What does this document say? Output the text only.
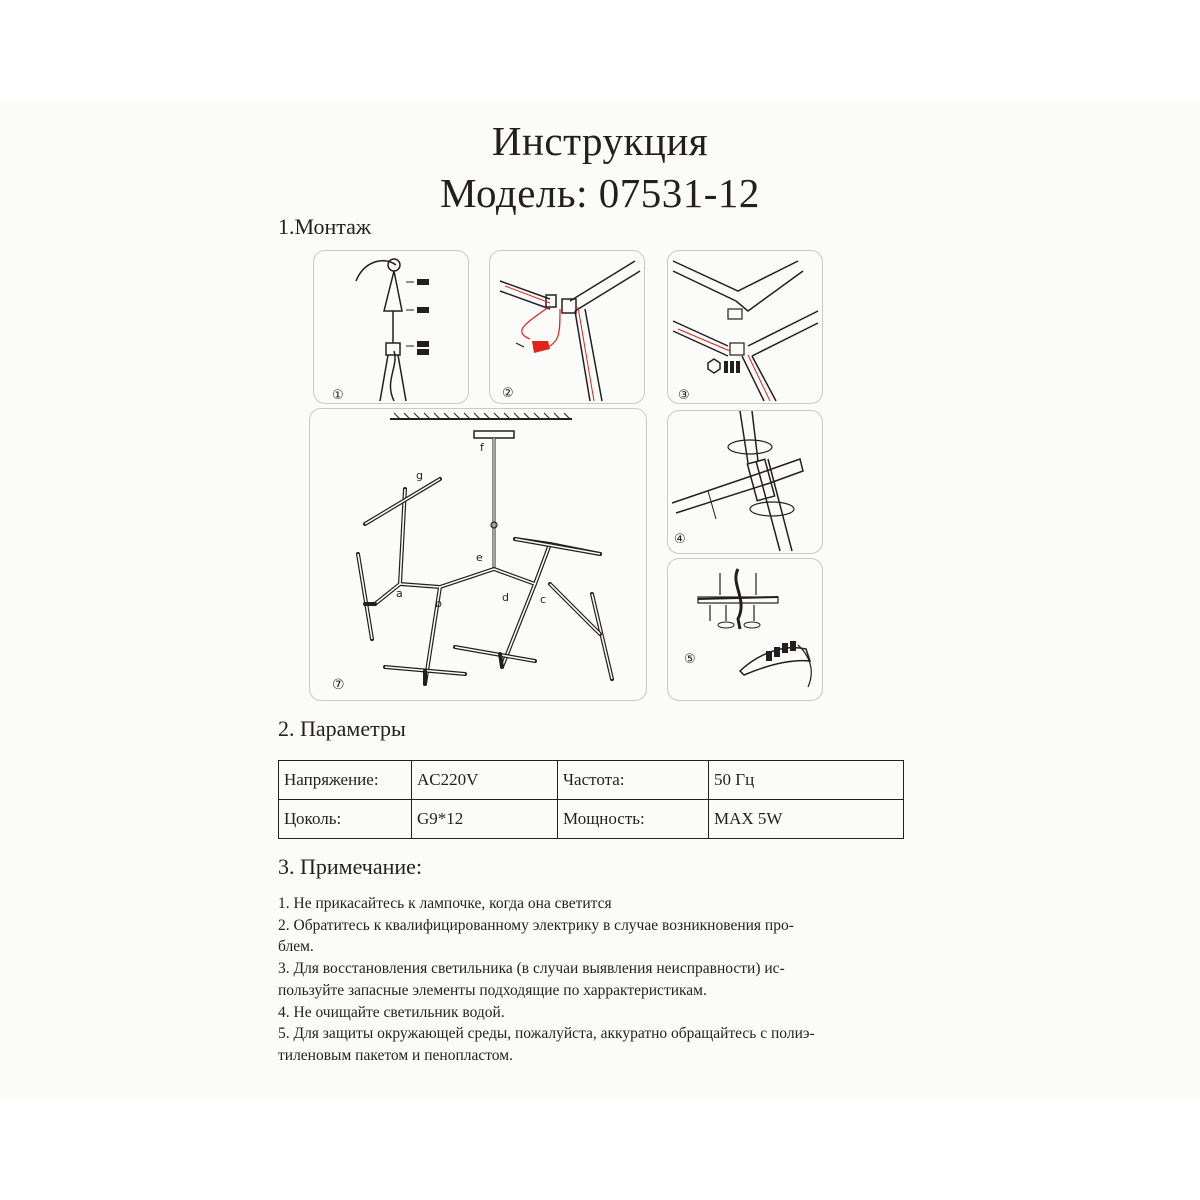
Инструкция
Модель: 07531-12
1.Монтаж
①	②	③
f
g
e
a
b	d	c
⑦
④
⑤
2. Параметры
Напряжение:	AC220V	Частота:	50 Гц
Цоколь:	G9*12	Мощность:	MAX 5W
3. Примечание:
1. Не прикасайтесь к лампочке, когда она светится
2. Обратитесь к квалифицированному электрику в случае возникновения про-
блем.
3. Для восстановления светильника (в случаи выявления неисправности) ис-
пользуйте запасные элементы подходящие по харрактеристикам.
4. Не очищайте светильник водой.
5. Для защиты окружающей среды, пожалуйста, аккуратно обращайтесь с полиэ-
тиленовым пакетом и пенопластом.
